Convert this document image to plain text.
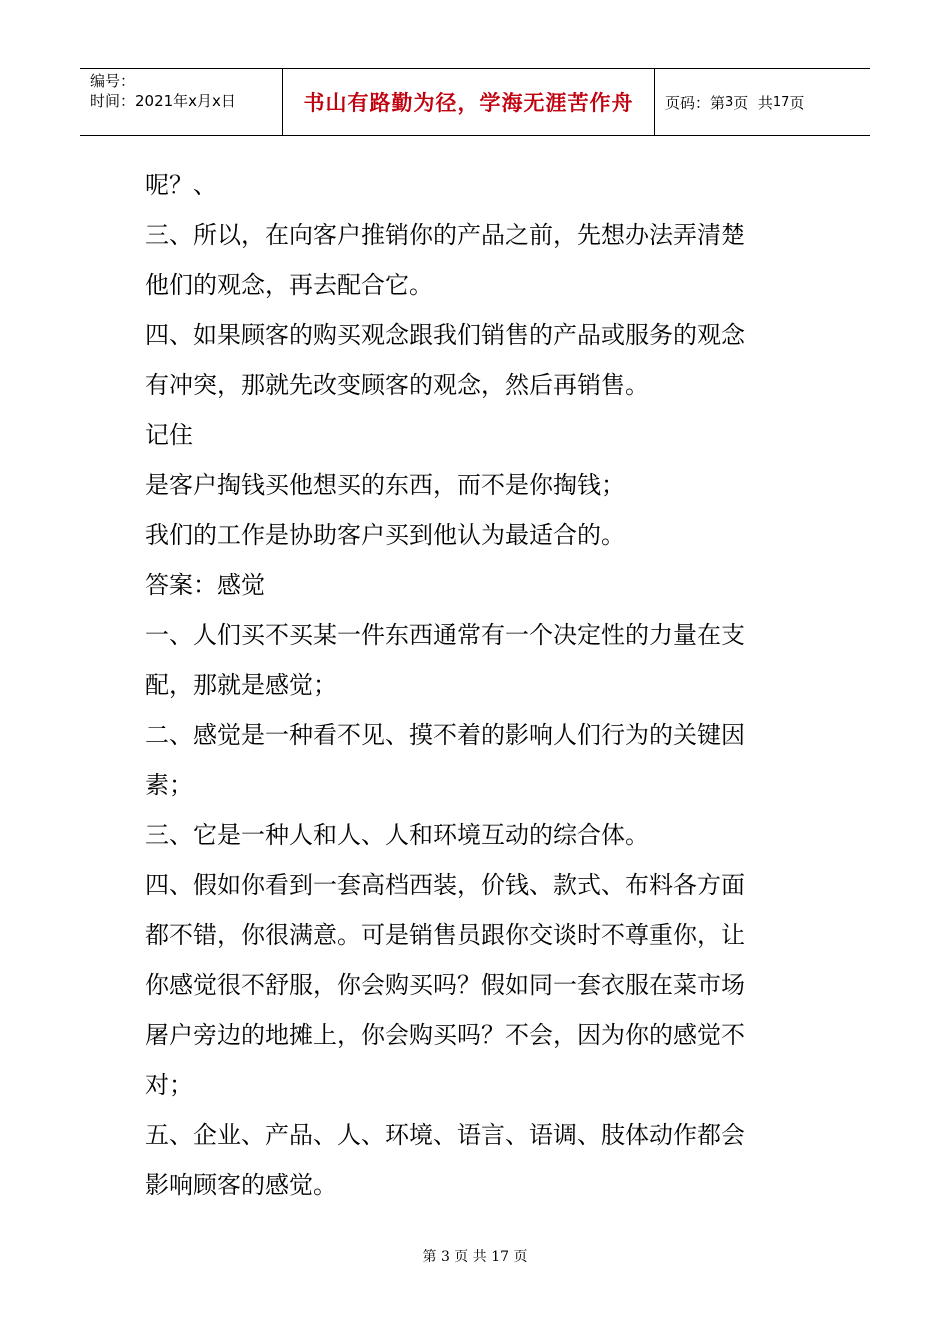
编号：
时间：2021年x月x日	书山有路勤为径，学海无涯苦作舟	页码：第 3 页  共 17 页
呢？、
三、所以，在向客户推销你的产品之前，先想办法弄清楚
他们的观念，再去配合它。
四、如果顾客的购买观念跟我们销售的产品或服务的观念
有冲突，那就先改变顾客的观念，然后再销售。
记住
是客户掏钱买他想买的东西，而不是你掏钱；
我们的工作是协助客户买到他认为最适合的。
答案：感觉
一、人们买不买某一件东西通常有一个决定性的力量在支
配，那就是感觉；
二、感觉是一种看不见、摸不着的影响人们行为的关键因
素；
三、它是一种人和人、人和环境互动的综合体。
四、假如你看到一套高档西装，价钱、款式、布料各方面
都不错，你很满意。可是销售员跟你交谈时不尊重你，让
你感觉很不舒服，你会购买吗？假如同一套衣服在菜市场
屠户旁边的地摊上，你会购买吗？不会，因为你的感觉不
对；
五、企业、产品、人、环境、语言、语调、肢体动作都会
影响顾客的感觉。
第 3 页 共 17 页
